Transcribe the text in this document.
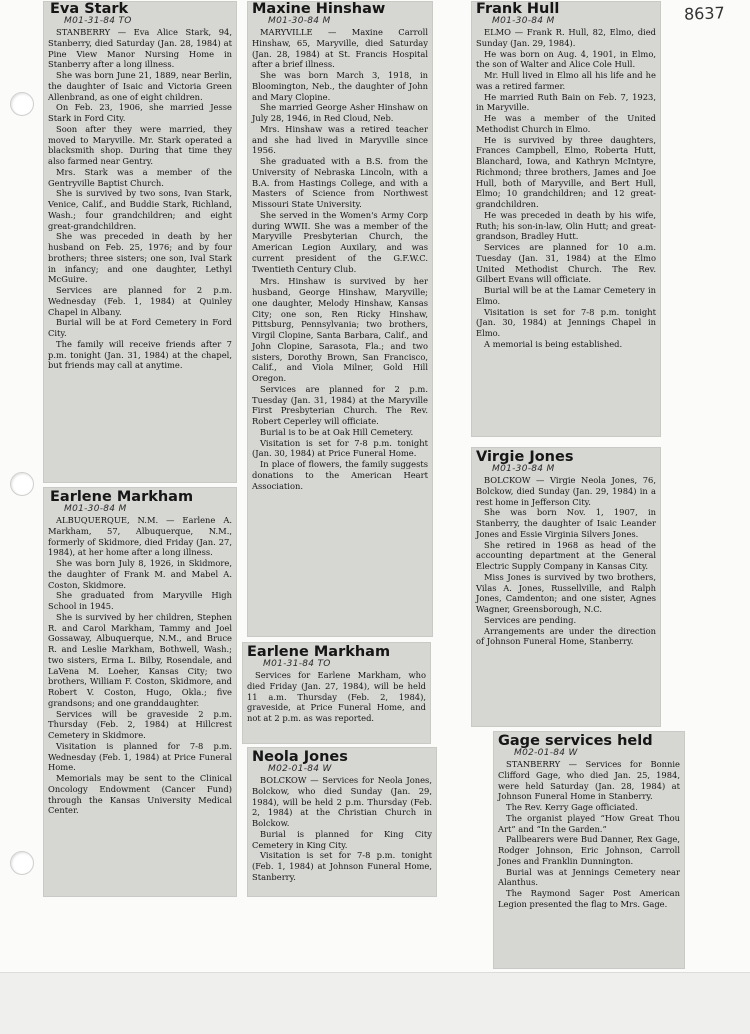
8637
Eva Stark
M01-31-84 TO

STANBERRY — Eva Alice Stark, 94, Stanberry, died Saturday (Jan. 28, 1984) at Pine View Manor Nursing Home in Stanberry after a long illness.

She was born June 21, 1889, near Berlin, the daughter of Isaic and Victoria Green Allenbrand, as one of eight children.

On Feb. 23, 1906, she married Jesse Stark in Ford City.

Soon after they were married, they moved to Maryville. Mr. Stark operated a blacksmith shop. During that time they also farmed near Gentry.

Mrs. Stark was a member of the Gentryville Baptist Church.

She is survived by two sons, Ivan Stark, Venice, Calif., and Buddie Stark, Richland, Wash.; four grandchildren; and eight great-grandchildren.

She was preceded in death by her husband on Feb. 25, 1976; and by four brothers; three sisters; one son, Ival Stark in infancy; and one daughter, Lethyl McGuire.

Services are planned for 2 p.m. Wednesday (Feb. 1, 1984) at Quinley Chapel in Albany.

Burial will be at Ford Cemetery in Ford City.

The family will receive friends after 7 p.m. tonight (Jan. 31, 1984) at the chapel, but friends may call at anytime.

Earlene Markham
M01-30-84 M

ALBUQUERQUE, N.M. — Earlene A. Markham, 57, Albuquerque, N.M., formerly of Skidmore, died Friday (Jan. 27, 1984), at her home after a long illness.

She was born July 8, 1926, in Skidmore, the daughter of Frank M. and Mabel A. Coston, Skidmore.

She graduated from Maryville High School in 1945.

She is survived by her children, Stephen R. and Carol Markham, Tammy and Joel Gossaway, Albuquerque, N.M., and Bruce R. and Leslie Markham, Bothwell, Wash.; two sisters, Erma L. Bilby, Rosendale, and LaVena M. Loeher, Kansas City; two brothers, William F. Coston, Skidmore, and Robert V. Coston, Hugo, Okla.; five grandsons; and one granddaughter.

Services will be graveside 2 p.m. Thursday (Feb. 2, 1984) at Hillcrest Cemetery in Skidmore.

Visitation is planned for 7-8 p.m. Wednesday (Feb. 1, 1984) at Price Funeral Home.

Memorials may be sent to the Clinical Oncology Endowment (Cancer Fund) through the Kansas University Medical Center.

Maxine Hinshaw
M01-30-84 M

MARYVILLE — Maxine Carroll Hinshaw, 65, Maryville, died Saturday (Jan. 28, 1984) at St. Francis Hospital after a brief illness.

She was born March 3, 1918, in Bloomington, Neb., the daughter of John and Mary Clopine.

She married George Asher Hinshaw on July 28, 1946, in Red Cloud, Neb.

Mrs. Hinshaw was a retired teacher and she had lived in Maryville since 1956.

She graduated with a B.S. from the University of Nebraska Lincoln, with a B.A. from Hastings College, and with a Masters of Science from Northwest Missouri State University.

She served in the Women's Army Corp during WWII. She was a member of the Maryville Presbyterian Church, the American Legion Auxilary, and was current president of the G.F.W.C. Twentieth Century Club.

Mrs. Hinshaw is survived by her husband, George Hinshaw, Maryville; one daughter, Melody Hinshaw, Kansas City; one son, Ren Ricky Hinshaw, Pittsburg, Pennsylvania; two brothers, Virgil Clopine, Santa Barbara, Calif., and John Clopine, Sarasota, Fla.; and two sisters, Dorothy Brown, San Francisco, Calif., and Viola Milner, Gold Hill Oregon.

Services are planned for 2 p.m. Tuesday (Jan. 31, 1984) at the Maryville First Presbyterian Church. The Rev. Robert Ceperley will officiate.

Burial is to be at Oak Hill Cemetery.

Visitation is set for 7-8 p.m. tonight (Jan. 30, 1984) at Price Funeral Home.

In place of flowers, the family suggests donations to the American Heart Association.

Earlene Markham
M01-31-84 TO

Services for Earlene Markham, who died Friday (Jan. 27, 1984), will be held 11 a.m. Thursday (Feb. 2, 1984), graveside, at Price Funeral Home, and not at 2 p.m. as was reported.

Neola Jones
M02-01-84 W

BOLCKOW — Services for Neola Jones, Bolckow, who died Sunday (Jan. 29, 1984), will be held 2 p.m. Thursday (Feb. 2, 1984) at the Christian Church in Bolckow.

Burial is planned for King City Cemetery in King City.

Visitation is set for 7-8 p.m. tonight (Feb. 1, 1984) at Johnson Funeral Home, Stanberry.

Frank Hull
M01-30-84 M

ELMO — Frank R. Hull, 82, Elmo, died Sunday (Jan. 29, 1984).

He was born on Aug. 4, 1901, in Elmo, the son of Walter and Alice Cole Hull.

Mr. Hull lived in Elmo all his life and he was a retired farmer.

He married Ruth Bain on Feb. 7, 1923, in Maryville.

He was a member of the United Methodist Church in Elmo.

He is survived by three daughters, Frances Campbell, Elmo, Roberta Hutt, Blanchard, Iowa, and Kathryn McIntyre, Richmond; three brothers, James and Joe Hull, both of Maryville, and Bert Hull, Elmo; 10 grandchildren; and 12 great-grandchildren.

He was preceded in death by his wife, Ruth; his son-in-law, Olin Hutt; and great-grandson, Bradley Hutt.

Services are planned for 10 a.m. Tuesday (Jan. 31, 1984) at the Elmo United Methodist Church. The Rev. Gilbert Evans will officiate.

Burial will be at the Lamar Cemetery in Elmo.

Visitation is set for 7-8 p.m. tonight (Jan. 30, 1984) at Jennings Chapel in Elmo.

A memorial is being established.

Virgie Jones
M01-30-84 M

BOLCKOW — Virgie Neola Jones, 76, Bolckow, died Sunday (Jan. 29, 1984) in a rest home in Jefferson City.

She was born Nov. 1, 1907, in Stanberry, the daughter of Isaic Leander Jones and Essie Virginia Silvers Jones.

She retired in 1968 as head of the accounting department at the General Electric Supply Company in Kansas City.

Miss Jones is survived by two brothers, Vilas A. Jones, Russellville, and Ralph Jones, Camdenton; and one sister, Agnes Wagner, Greensborough, N.C.

Services are pending.

Arrangements are under the direction of Johnson Funeral Home, Stanberry.

Gage services held
M02-01-84 W

STANBERRY — Services for Bonnie Clifford Gage, who died Jan. 25, 1984, were held Saturday (Jan. 28, 1984) at Johnson Funeral Home in Stanberry.

The Rev. Kerry Gage officiated.

The organist played “How Great Thou Art” and “In the Garden.”

Pallbearers were Bud Danner, Rex Gage, Rodger Johnson, Eric Johnson, Carroll Jones and Franklin Dunnington.

Burial was at Jennings Cemetery near Alanthus.

The Raymond Sager Post American Legion presented the flag to Mrs. Gage.
